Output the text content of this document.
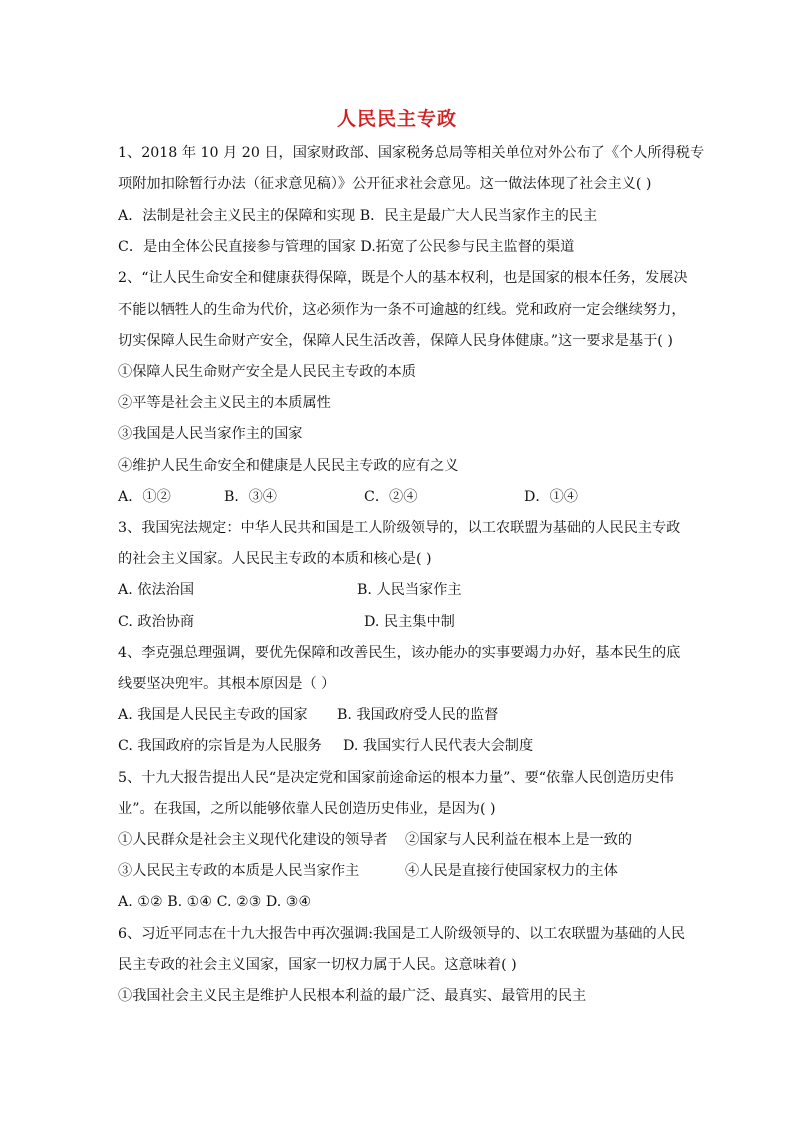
人民民主专政
1、2018 年 10 月 20 日，国家财政部、国家税务总局等相关单位对外公布了《个人所得税专
项附加扣除暂行办法（征求意见稿）》公开征求社会意见。这一做法体现了社会主义( )
A．法制是社会主义民主的保障和实现 B．民主是最广大人民当家作主的民主
C．是由全体公民直接参与管理的国家 D.拓宽了公民参与民主监督的渠道
2、“让人民生命安全和健康获得保障，既是个人的基本权利，也是国家的根本任务，发展决
不能以牺牲人的生命为代价，这必须作为一条不可逾越的红线。党和政府一定会继续努力，
切实保障人民生命财产安全，保障人民生活改善，保障人民身体健康。”这一要求是基于( )
①保障人民生命财产安全是人民民主专政的本质
②平等是社会主义民主的本质属性
③我国是人民当家作主的国家
④维护人民生命安全和健康是人民民主专政的应有之义
A．①②	B．③④	C．②④	D．①④
3、我国宪法规定：中华人民共和国是工人阶级领导的，以工农联盟为基础的人民民主专政
的社会主义国家。人民民主专政的本质和核心是( )
A. 依法治国	B. 人民当家作主
C. 政治协商	D. 民主集中制
4、李克强总理强调，要优先保障和改善民生，该办能办的实事要竭力办好，基本民生的底
线要坚决兜牢。其根本原因是（ ）
A. 我国是人民民主专政的国家 B. 我国政府受人民的监督
C. 我国政府的宗旨是为人民服务 D. 我国实行人民代表大会制度
5、十九大报告提出人民“是决定党和国家前途命运的根本力量”、要“依靠人民创造历史伟
业”。在我国，之所以能够依靠人民创造历史伟业，是因为( )
①人民群众是社会主义现代化建设的领导者 ②国家与人民利益在根本上是一致的
③人民民主专政的本质是人民当家作主	④人民是直接行使国家权力的主体
A. ①② B. ①④ C. ②③ D. ③④
6、习近平同志在十九大报告中再次强调:我国是工人阶级领导的、以工农联盟为基础的人民
民主专政的社会主义国家，国家一切权力属于人民。这意味着( )
①我国社会主义民主是维护人民根本利益的最广泛、最真实、最管用的民主
